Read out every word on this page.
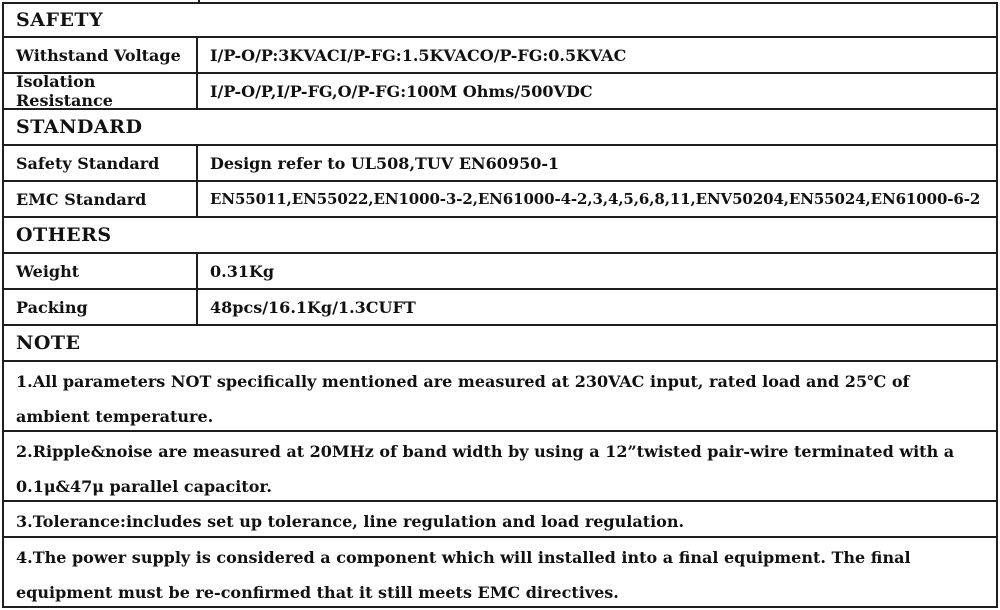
SAFETY
Withstand Voltage	I/P-O/P:3KVACI/P-FG:1.5KVACO/P-FG:0.5KVAC
Isolation Resistance	I/P-O/P,I/P-FG,O/P-FG:100M Ohms/500VDC
STANDARD
Safety Standard	Design refer to UL508,TUV EN60950-1
EMC Standard	EN55011,EN55022,EN1000-3-2,EN61000-4-2,3,4,5,6,8,11,ENV50204,EN55024,EN61000-6-2
OTHERS
Weight	0.31Kg
Packing	48pcs/16.1Kg/1.3CUFT
NOTE
1.All parameters NOT specifically mentioned are measured at 230VAC input, rated load and 25℃ of ambient temperature.
2.Ripple&noise are measured at 20MHz of band width by using a 12”twisted pair-wire terminated with a 0.1μ&47μ parallel capacitor.
3.Tolerance:includes set up tolerance, line regulation and load regulation.
4.The power supply is considered a component which will installed into a final equipment. The final equipment must be re-confirmed that it still meets EMC directives.
